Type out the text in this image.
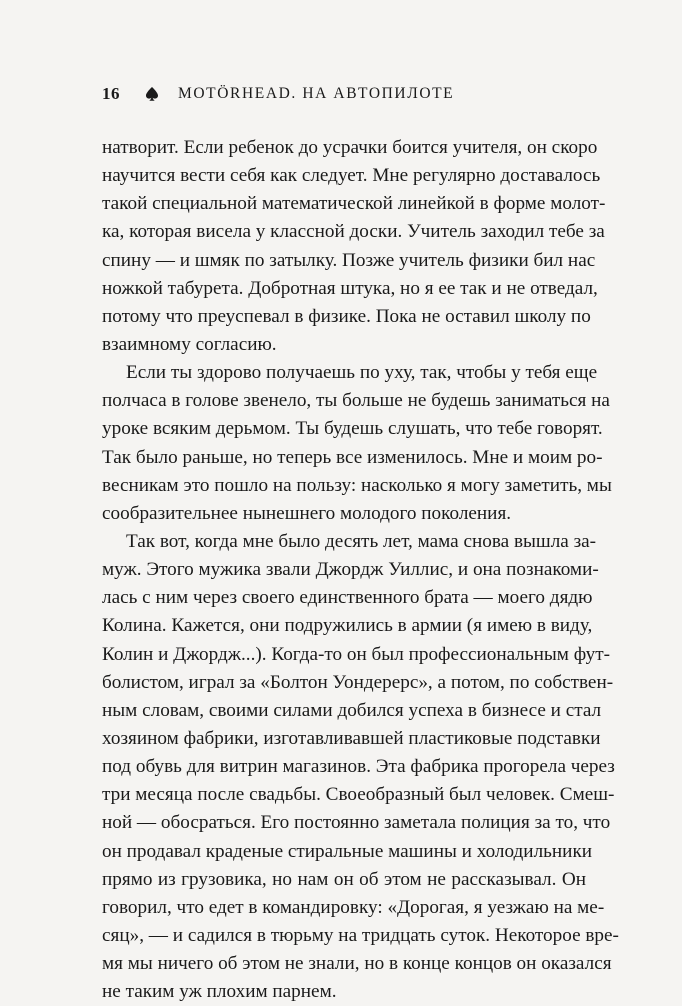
16	MOTÖRHEAD. НА АВТОПИЛОТЕ
натворит. Если ребенок до усрачки боится учителя, он скоро
научится вести себя как следует. Мне регулярно доставалось
такой специальной математической линейкой в форме молот-
ка, которая висела у классной доски. Учитель заходил тебе за
спину — и шмяк по затылку. Позже учитель физики бил нас
ножкой табурета. Добротная штука, но я ее так и не отведал,
потому что преуспевал в физике. Пока не оставил школу по
взаимному согласию.
Если ты здорово получаешь по уху, так, чтобы у тебя еще
полчаса в голове звенело, ты больше не будешь заниматься на
уроке всяким дерьмом. Ты будешь слушать, что тебе говорят.
Так было раньше, но теперь все изменилось. Мне и моим ро-
весникам это пошло на пользу: насколько я могу заметить, мы
сообразительнее нынешнего молодого поколения.
Так вот, когда мне было десять лет, мама снова вышла за-
муж. Этого мужика звали Джордж Уиллис, и она познакоми-
лась с ним через своего единственного брата — моего дядю
Колина. Кажется, они подружились в армии (я имею в виду,
Колин и Джордж...). Когда-то он был профессиональным фут-
болистом, играл за «Болтон Уондерерс», а потом, по собствен-
ным словам, своими силами добился успеха в бизнесе и стал
хозяином фабрики, изготавливавшей пластиковые подставки
под обувь для витрин магазинов. Эта фабрика прогорела через
три месяца после свадьбы. Своеобразный был человек. Смеш-
ной — обосраться. Его постоянно заметала полиция за то, что
он продавал краденые стиральные машины и холодильники
прямо из грузовика, но нам он об этом не рассказывал. Он
говорил, что едет в командировку: «Дорогая, я уезжаю на ме-
сяц», — и садился в тюрьму на тридцать суток. Некоторое вре-
мя мы ничего об этом не знали, но в конце концов он оказался
не таким уж плохим парнем.
